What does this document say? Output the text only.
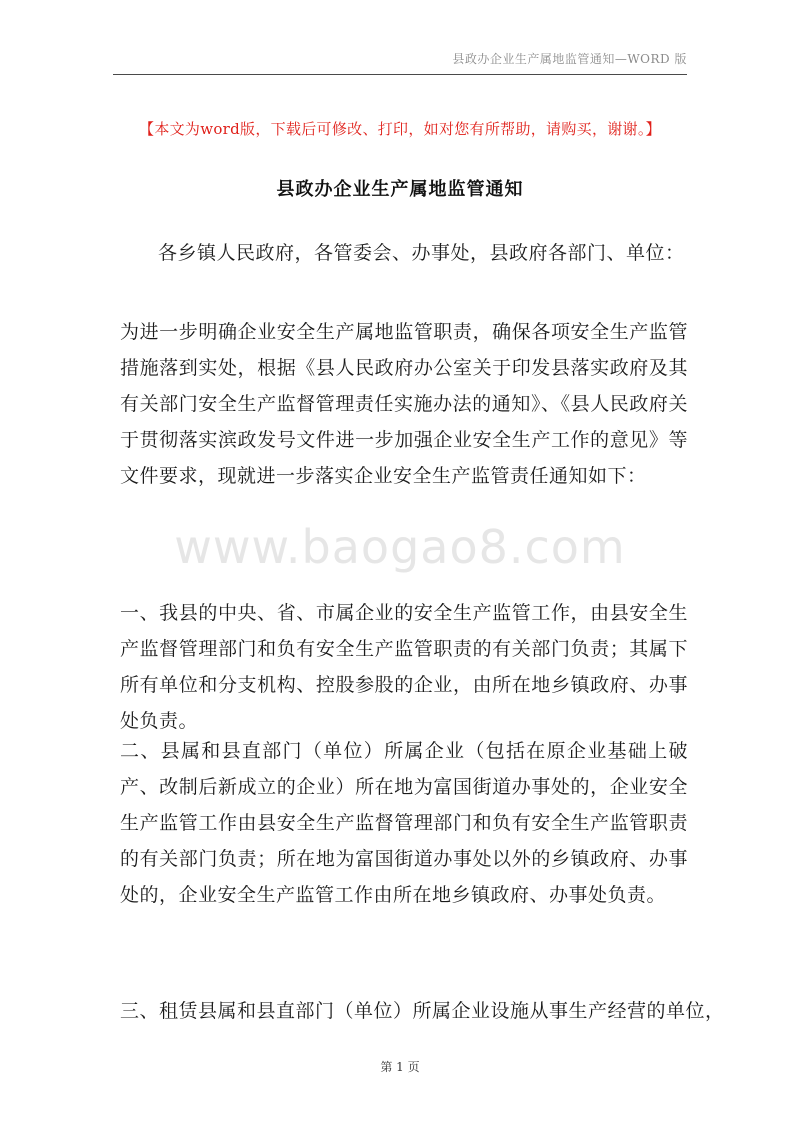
县政办企业生产属地监管通知—WORD 版
【本文为word版，下载后可修改、打印，如对您有所帮助，请购买，谢谢。】
县政办企业生产属地监管通知
各乡镇人民政府，各管委会、办事处，县政府各部门、单位：
为进一步明确企业安全生产属地监管职责，确保各项安全生产监管措施落到实处，根据《县人民政府办公室关于印发县落实政府及其有关部门安全生产监督管理责任实施办法的通知》、《县人民政府关于贯彻落实滨政发号文件进一步加强企业安全生产工作的意见》等文件要求，现就进一步落实企业安全生产监管责任通知如下：
www.baogao8.com
一、我县的中央、省、市属企业的安全生产监管工作，由县安全生产监督管理部门和负有安全生产监管职责的有关部门负责；其属下所有单位和分支机构、控股参股的企业，由所在地乡镇政府、办事处负责。
二、县属和县直部门（单位）所属企业（包括在原企业基础上破产、改制后新成立的企业）所在地为富国街道办事处的，企业安全生产监管工作由县安全生产监督管理部门和负有安全生产监管职责的有关部门负责；所在地为富国街道办事处以外的乡镇政府、办事处的，企业安全生产监管工作由所在地乡镇政府、办事处负责。
三、租赁县属和县直部门（单位）所属企业设施从事生产经营的单位，
第 1 页
